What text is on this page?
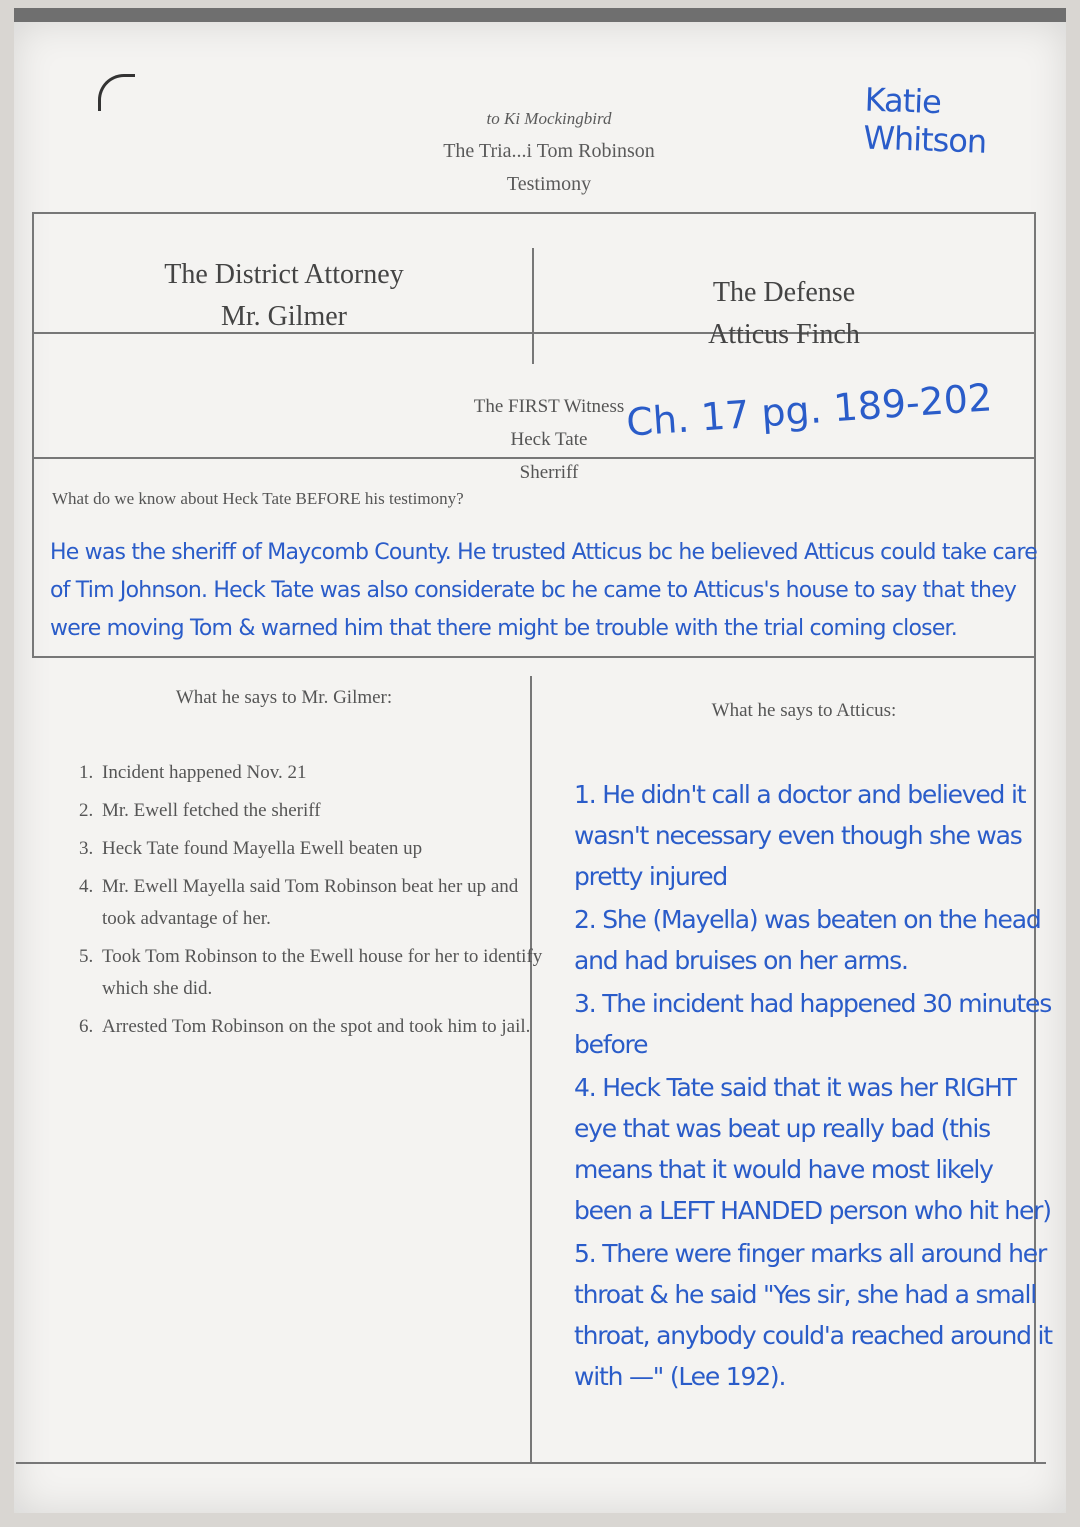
to Ki Mockingbird
The Tria...i Tom Robinson
Testimony
Katie Whitson
The District Attorney
Mr. Gilmer
The Defense
Atticus Finch
The FIRST Witness
Heck Tate
Sherriff
Ch. 17 pg. 189-202
What do we know about Heck Tate BEFORE his testimony?
He was the sheriff of Maycomb County. He trusted Atticus bc he believed Atticus could take care of Tim Johnson. Heck Tate was also considerate bc he came to Atticus's house to say that they were moving Tom & warned him that there might be trouble with the trial coming closer.
What he says to Mr. Gilmer:
What he says to Atticus:
1. Incident happened Nov. 21
2. Mr. Ewell fetched the sheriff
3. Heck Tate found Mayella Ewell beaten up
4. Mr. Ewell Mayella said Tom Robinson beat her up and took advantage of her.
5. Took Tom Robinson to the Ewell house for her to identify which she did.
6. Arrested Tom Robinson on the spot and took him to jail.

1. He didn't call a doctor and believed it wasn't necessary even though she was pretty injured

2. She (Mayella) was beaten on the head and had bruises on her arms.

3. The incident had happened 30 minutes before

4. Heck Tate said that it was her RIGHT eye that was beat up really bad (this means that it would have most likely been a LEFT HANDED person who hit her)

5. There were finger marks all around her throat & he said "Yes sir, she had a small throat, anybody could'a reached around it with —" (Lee 192).
